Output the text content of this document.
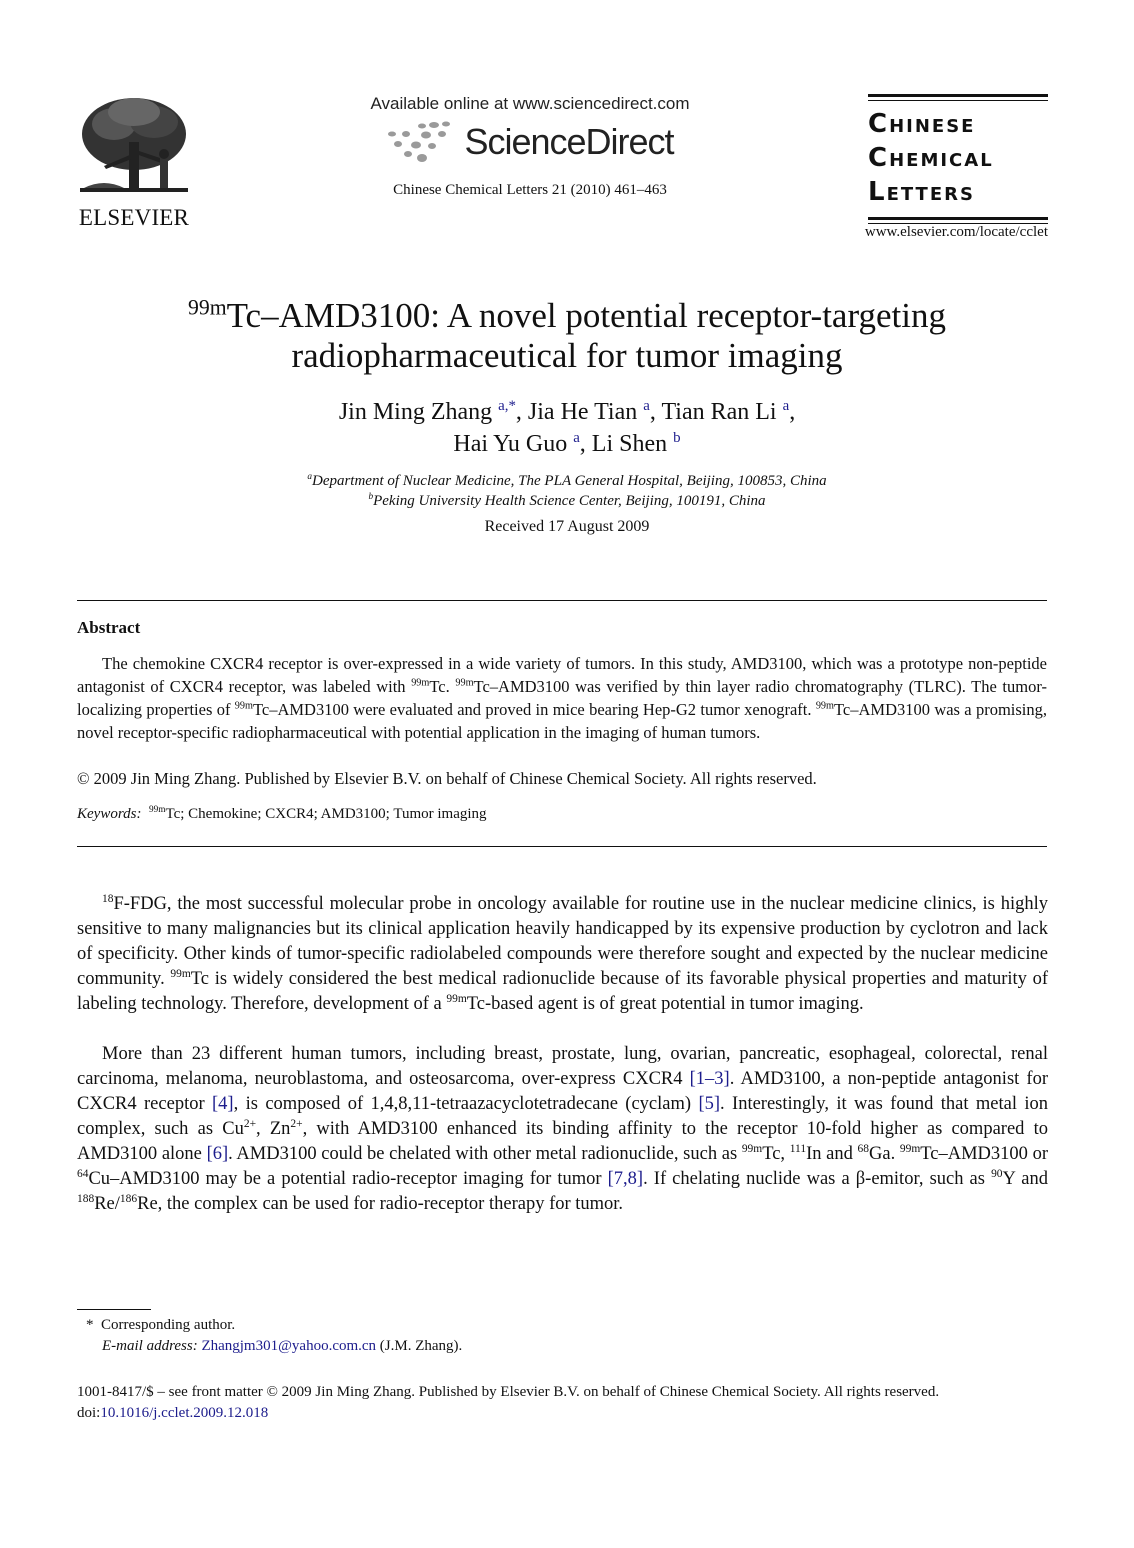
ELSEVIER
Available online at www.sciencedirect.com
ScienceDirect
Chinese Chemical Letters 21 (2010) 461–463
Chinese
Chemical
Letters
www.elsevier.com/locate/cclet
$^{99m}$Tc–AMD3100: A novel potential receptor-targeting
radiopharmaceutical for tumor imaging
Jin Ming Zhang $^{a,*}$, Jia He Tian $^a$, Tian Ran Li $^a$,
Hai Yu Guo $^a$, Li Shen $^b$
$^a$Department of Nuclear Medicine, The PLA General Hospital, Beijing, 100853, China
$^b$Peking University Health Science Center, Beijing, 100191, China
Received 17 August 2009
Abstract
The chemokine CXCR4 receptor is over-expressed in a wide variety of tumors. In this study, AMD3100, which was a prototype non-peptide antagonist of CXCR4 receptor, was labeled with $^{99m}$Tc. $^{99m}$Tc–AMD3100 was verified by thin layer radio chromatography (TLRC). The tumor-localizing properties of $^{99m}$Tc–AMD3100 were evaluated and proved in mice bearing Hep-G2 tumor xenograft. $^{99m}$Tc–AMD3100 was a promising, novel receptor-specific radiopharmaceutical with potential application in the imaging of human tumors.
© 2009 Jin Ming Zhang. Published by Elsevier B.V. on behalf of Chinese Chemical Society. All rights reserved.
Keywords: $^{99m}$Tc; Chemokine; CXCR4; AMD3100; Tumor imaging
$^{18}$F-FDG, the most successful molecular probe in oncology available for routine use in the nuclear medicine clinics, is highly sensitive to many malignancies but its clinical application heavily handicapped by its expensive production by cyclotron and lack of specificity. Other kinds of tumor-specific radiolabeled compounds were therefore sought and expected by the nuclear medicine community. $^{99m}$Tc is widely considered the best medical radionuclide because of its favorable physical properties and maturity of labeling technology. Therefore, development of a $^{99m}$Tc-based agent is of great potential in tumor imaging.
More than 23 different human tumors, including breast, prostate, lung, ovarian, pancreatic, esophageal, colorectal, renal carcinoma, melanoma, neuroblastoma, and osteosarcoma, over-express CXCR4 [1–3]. AMD3100, a non-peptide antagonist for CXCR4 receptor [4], is composed of 1,4,8,11-tetraazacyclotetradecane (cyclam) [5]. Interestingly, it was found that metal ion complex, such as $Cu^{2+}$, $Zn^{2+}$, with AMD3100 enhanced its binding affinity to the receptor 10-fold higher as compared to AMD3100 alone [6]. AMD3100 could be chelated with other metal radionuclide, such as $^{99m}$Tc, $^{111}$In and $^{68}$Ga. $^{99m}$Tc–AMD3100 or $^{64}$Cu–AMD3100 may be a potential radio-receptor imaging for tumor [7,8]. If chelating nuclide was a β-emitor, such as $^{90}$Y and $^{188}$Re/$^{186}$Re, the complex can be used for radio-receptor therapy for tumor.
* Corresponding author.
E-mail address: Zhangjm301@yahoo.com.cn (J.M. Zhang).
1001-8417/$ – see front matter © 2009 Jin Ming Zhang. Published by Elsevier B.V. on behalf of Chinese Chemical Society. All rights reserved.
doi:10.1016/j.cclet.2009.12.018
